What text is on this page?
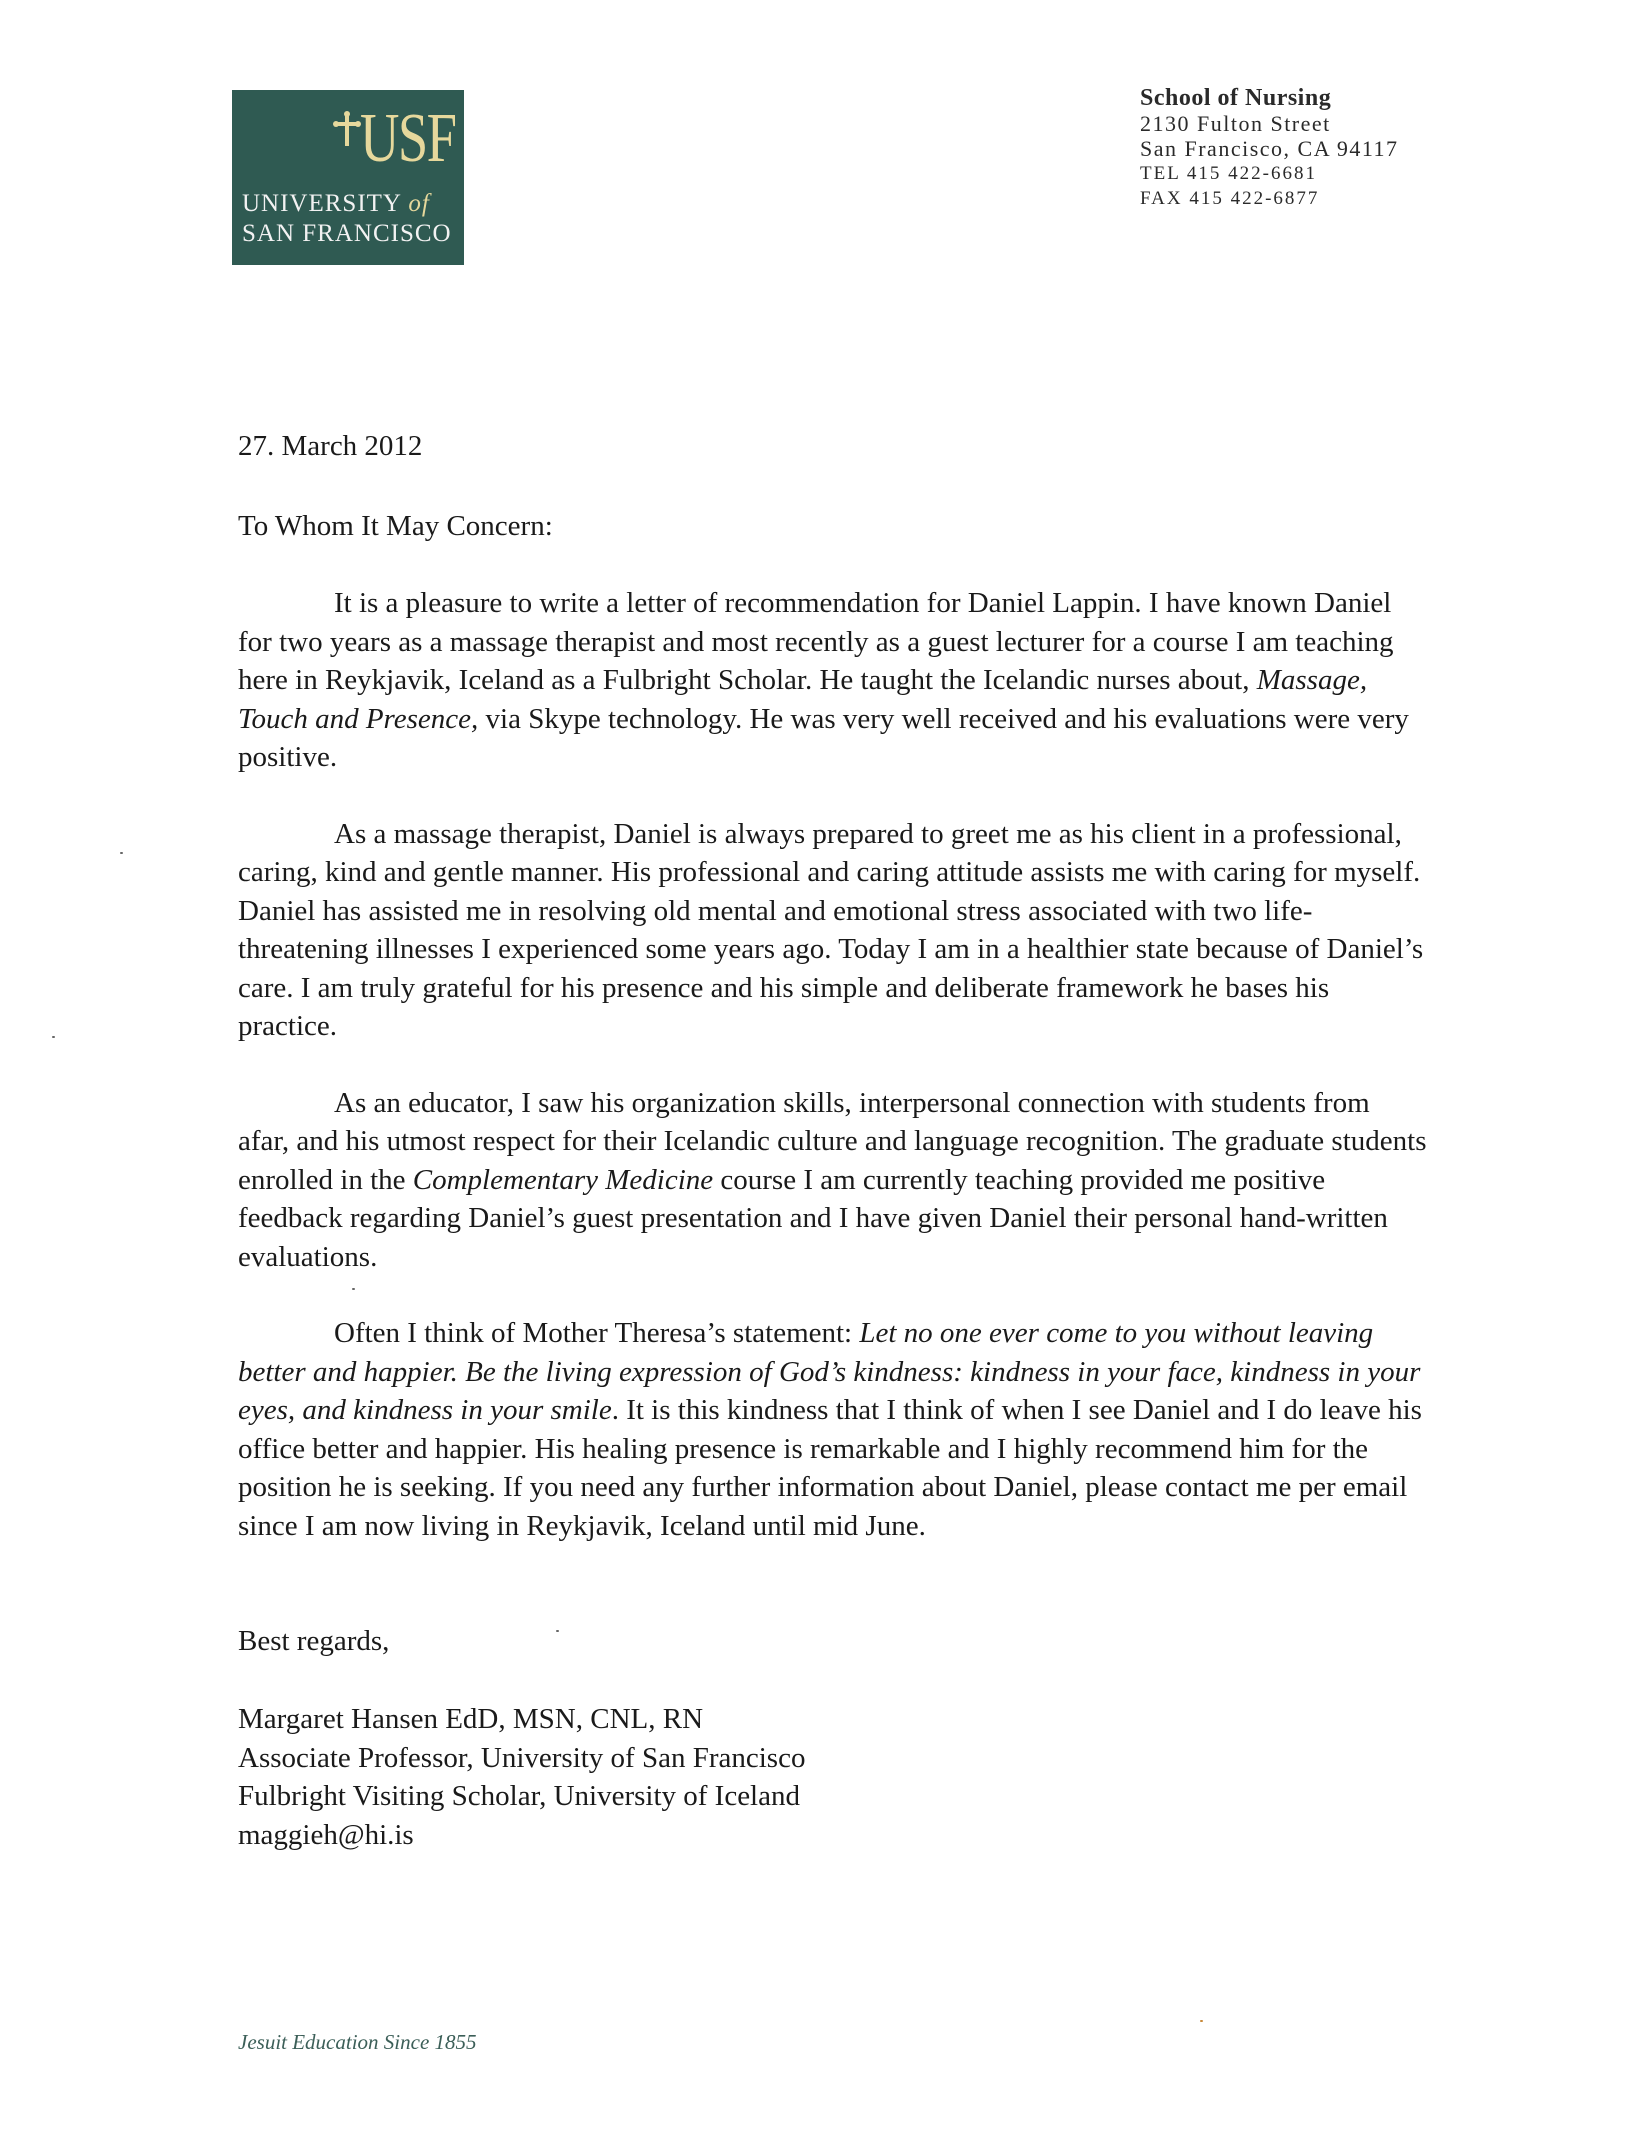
USF
UNIVERSITY of
SAN FRANCISCO
School of Nursing
2130 Fulton Street
San Francisco, CA 94117
TEL 415 422-6681
FAX 415 422-6877
27. March 2012
To Whom It May Concern:

It is a pleasure to write a letter of recommendation for Daniel Lappin. I have known Daniel for two years as a massage therapist and most recently as a guest lecturer for a course I am teaching here in Reykjavik, Iceland as a Fulbright Scholar. He taught the Icelandic nurses about, Massage, Touch and Presence, via Skype technology. He was very well received and his evaluations were very positive.

As a massage therapist, Daniel is always prepared to greet me as his client in a professional, caring, kind and gentle manner. His professional and caring attitude assists me with caring for myself. Daniel has assisted me in resolving old mental and emotional stress associated with two life-threatening illnesses I experienced some years ago. Today I am in a healthier state because of Daniel’s care. I am truly grateful for his presence and his simple and deliberate framework he bases his practice.

As an educator, I saw his organization skills, interpersonal connection with students from afar, and his utmost respect for their Icelandic culture and language recognition. The graduate students enrolled in the Complementary Medicine course I am currently teaching provided me positive feedback regarding Daniel’s guest presentation and I have given Daniel their personal hand-written evaluations.

Often I think of Mother Theresa’s statement: Let no one ever come to you without leaving better and happier. Be the living expression of God’s kindness: kindness in your face, kindness in your eyes, and kindness in your smile. It is this kindness that I think of when I see Daniel and I do leave his office better and happier. His healing presence is remarkable and I highly recommend him for the position he is seeking. If you need any further information about Daniel, please contact me per email since I am now living in Reykjavik, Iceland until mid June.

Best regards,
Margaret Hansen EdD, MSN, CNL, RN
Associate Professor, University of San Francisco
Fulbright Visiting Scholar, University of Iceland
maggieh@hi.is
Jesuit Education Since 1855
